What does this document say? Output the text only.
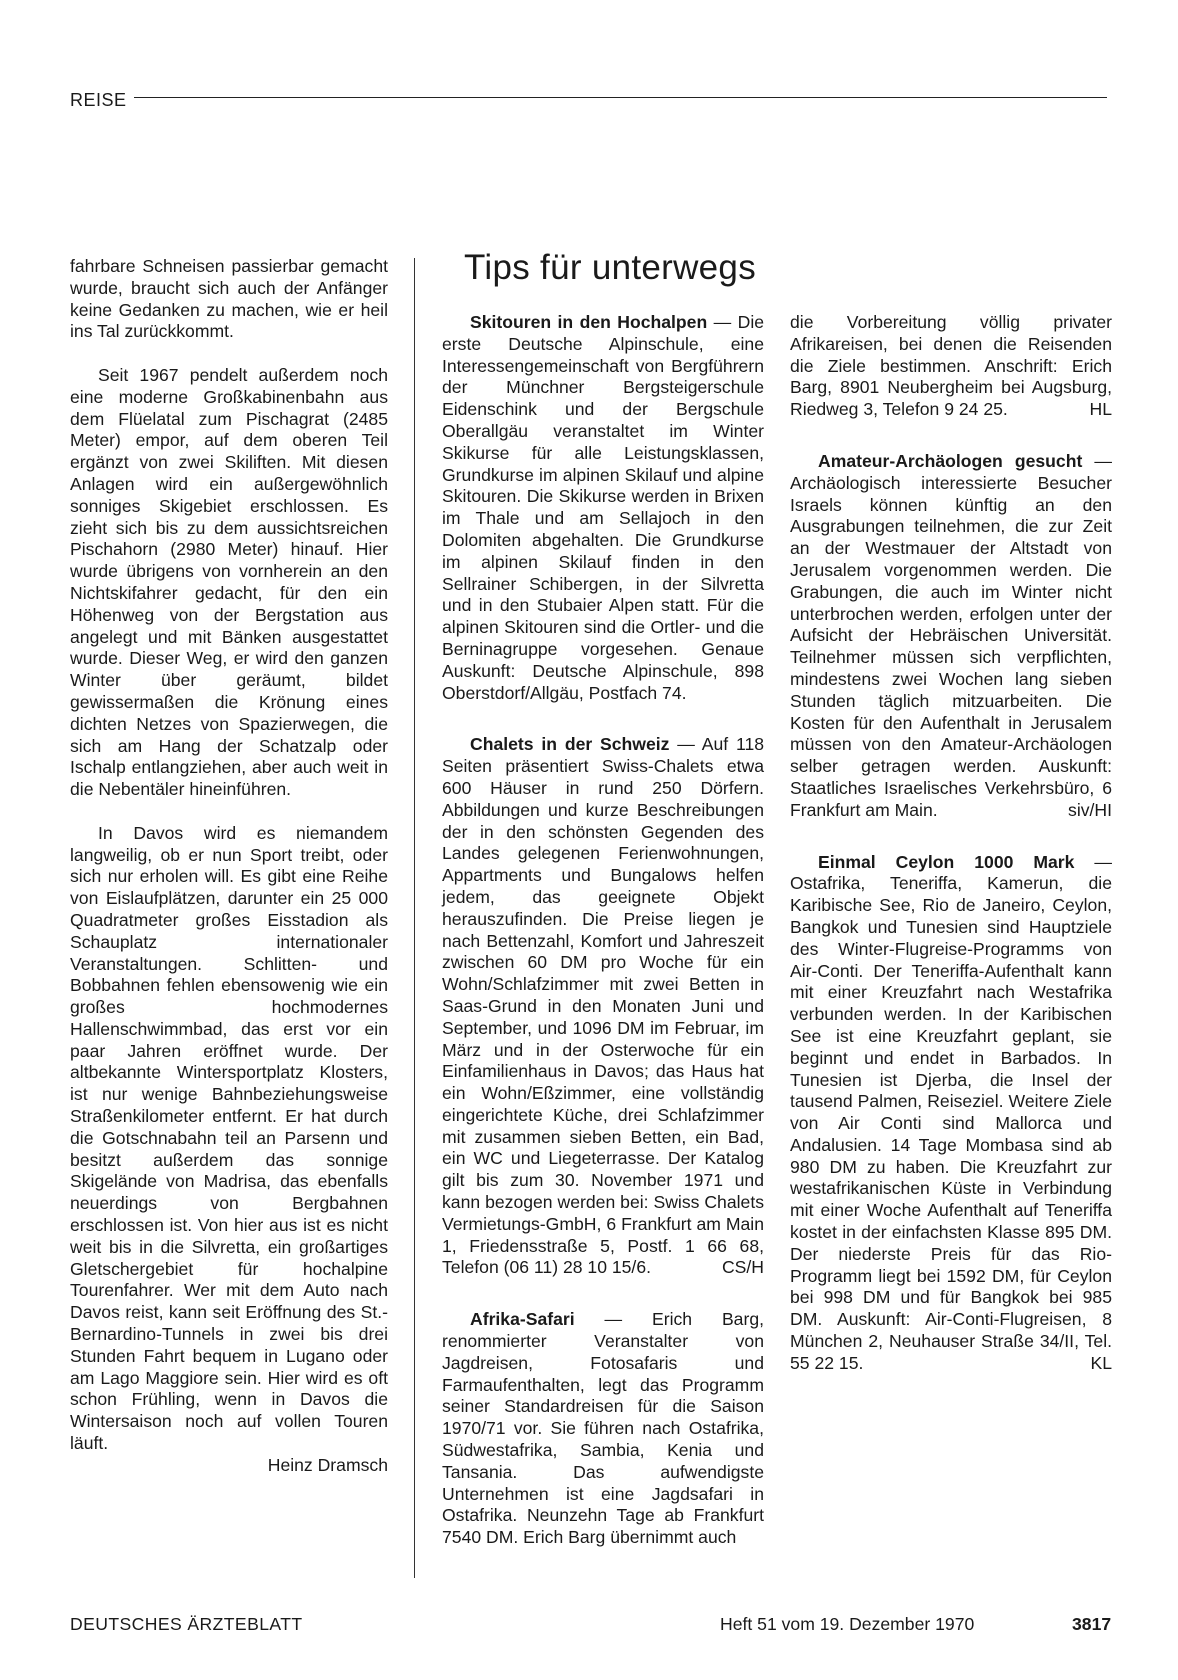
REISE

fahrbare Schneisen passierbar gemacht wurde, braucht sich auch der Anfänger keine Gedanken zu machen, wie er heil ins Tal zurückkommt.

Seit 1967 pendelt außerdem noch eine moderne Großkabinenbahn aus dem Flüelatal zum Pischagrat (2485 Meter) empor, auf dem oberen Teil ergänzt von zwei Skiliften. Mit diesen Anlagen wird ein außergewöhnlich sonniges Skigebiet erschlossen. Es zieht sich bis zu dem aussichtsreichen Pischahorn (2980 Meter) hinauf. Hier wurde übrigens von vornherein an den Nichtskifahrer gedacht, für den ein Höhenweg von der Bergstation aus angelegt und mit Bänken ausgestattet wurde. Dieser Weg, er wird den ganzen Winter über geräumt, bildet gewissermaßen die Krönung eines dichten Netzes von Spazierwegen, die sich am Hang der Schatzalp oder Ischalp entlangziehen, aber auch weit in die Nebentäler hineinführen.

In Davos wird es niemandem langweilig, ob er nun Sport treibt, oder sich nur erholen will. Es gibt eine Reihe von Eislaufplätzen, darunter ein 25 000 Quadratmeter großes Eisstadion als Schauplatz internationaler Veranstaltungen. Schlitten- und Bobbahnen fehlen ebensowenig wie ein großes hochmodernes Hallenschwimmbad, das erst vor ein paar Jahren eröffnet wurde. Der altbekannte Wintersportplatz Klosters, ist nur wenige Bahnbeziehungsweise Straßenkilometer entfernt. Er hat durch die Gotschnabahn teil an Parsenn und besitzt außerdem das sonnige Skigelände von Madrisa, das ebenfalls neuerdings von Bergbahnen erschlossen ist. Von hier aus ist es nicht weit bis in die Silvretta, ein großartiges Gletschergebiet für hochalpine Tourenfahrer. Wer mit dem Auto nach Davos reist, kann seit Eröffnung des St.-Bernardino-Tunnels in zwei bis drei Stunden Fahrt bequem in Lugano oder am Lago Maggiore sein. Hier wird es oft schon Frühling, wenn in Davos die Wintersaison noch auf vollen Touren läuft.

Heinz Dramsch
Tips für unterwegs

Skitouren in den Hochalpen — Die erste Deutsche Alpinschule, eine Interessengemeinschaft von Bergführern der Münchner Bergsteigerschule Eidenschink und der Bergschule Oberallgäu veranstaltet im Winter Skikurse für alle Leistungsklassen, Grundkurse im alpinen Skilauf und alpine Skitouren. Die Skikurse werden in Brixen im Thale und am Sellajoch in den Dolomiten abgehalten. Die Grundkurse im alpinen Skilauf finden in den Sellrainer Schibergen, in der Silvretta und in den Stubaier Alpen statt. Für die alpinen Skitouren sind die Ortler- und die Berninagruppe vorgesehen. Genaue Auskunft: Deutsche Alpinschule, 898 Oberstdorf/Allgäu, Postfach 74.

Chalets in der Schweiz — Auf 118 Seiten präsentiert Swiss-Chalets etwa 600 Häuser in rund 250 Dörfern. Abbildungen und kurze Beschreibungen der in den schönsten Gegenden des Landes gelegenen Ferienwohnungen, Appartments und Bungalows helfen jedem, das geeignete Objekt herauszufinden. Die Preise liegen je nach Bettenzahl, Komfort und Jahreszeit zwischen 60 DM pro Woche für ein Wohn/Schlafzimmer mit zwei Betten in Saas-Grund in den Monaten Juni und September, und 1096 DM im Februar, im März und in der Osterwoche für ein Einfamilienhaus in Davos; das Haus hat ein Wohn/Eßzimmer, eine vollständig eingerichtete Küche, drei Schlafzimmer mit zusammen sieben Betten, ein Bad, ein WC und Liegeterrasse. Der Katalog gilt bis zum 30. November 1971 und kann bezogen werden bei: Swiss Chalets Vermietungs-GmbH, 6 Frankfurt am Main 1, Friedensstraße 5, Postf. 1 66 68, Telefon (06 11) 28 10 15/6.	CS/H

Afrika-Safari — Erich Barg, renommierter Veranstalter von Jagdreisen, Fotosafaris und Farmaufenthalten, legt das Programm seiner Standardreisen für die Saison 1970/71 vor. Sie führen nach Ostafrika, Südwestafrika, Sambia, Kenia und Tansania. Das aufwendigste Unternehmen ist eine Jagdsafari in Ostafrika. Neunzehn Tage ab Frankfurt 7540 DM. Erich Barg übernimmt auch

die Vorbereitung völlig privater Afrikareisen, bei denen die Reisenden die Ziele bestimmen. Anschrift: Erich Barg, 8901 Neubergheim bei Augsburg, Riedweg 3, Telefon 9 24 25.	HL

Amateur-Archäologen gesucht — Archäologisch interessierte Besucher Israels können künftig an den Ausgrabungen teilnehmen, die zur Zeit an der Westmauer der Altstadt von Jerusalem vorgenommen werden. Die Grabungen, die auch im Winter nicht unterbrochen werden, erfolgen unter der Aufsicht der Hebräischen Universität. Teilnehmer müssen sich verpflichten, mindestens zwei Wochen lang sieben Stunden täglich mitzuarbeiten. Die Kosten für den Aufenthalt in Jerusalem müssen von den Amateur-Archäologen selber getragen werden. Auskunft: Staatliches Israelisches Verkehrsbüro, 6 Frankfurt am Main.	siv/HI

Einmal Ceylon 1000 Mark — Ostafrika, Teneriffa, Kamerun, die Karibische See, Rio de Janeiro, Ceylon, Bangkok und Tunesien sind Hauptziele des Winter-Flugreise-Programms von Air-Conti. Der Teneriffa-Aufenthalt kann mit einer Kreuzfahrt nach Westafrika verbunden werden. In der Karibischen See ist eine Kreuzfahrt geplant, sie beginnt und endet in Barbados. In Tunesien ist Djerba, die Insel der tausend Palmen, Reiseziel. Weitere Ziele von Air Conti sind Mallorca und Andalusien. 14 Tage Mombasa sind ab 980 DM zu haben. Die Kreuzfahrt zur westafrikanischen Küste in Verbindung mit einer Woche Aufenthalt auf Teneriffa kostet in der einfachsten Klasse 895 DM. Der niederste Preis für das Rio-Programm liegt bei 1592 DM, für Ceylon bei 998 DM und für Bangkok bei 985 DM. Auskunft: Air-Conti-Flugreisen, 8 München 2, Neuhauser Straße 34/II, Tel. 55 22 15.	KL

DEUTSCHES ÄRZTEBLATT	Heft 51 vom 19. Dezember 1970	3817
